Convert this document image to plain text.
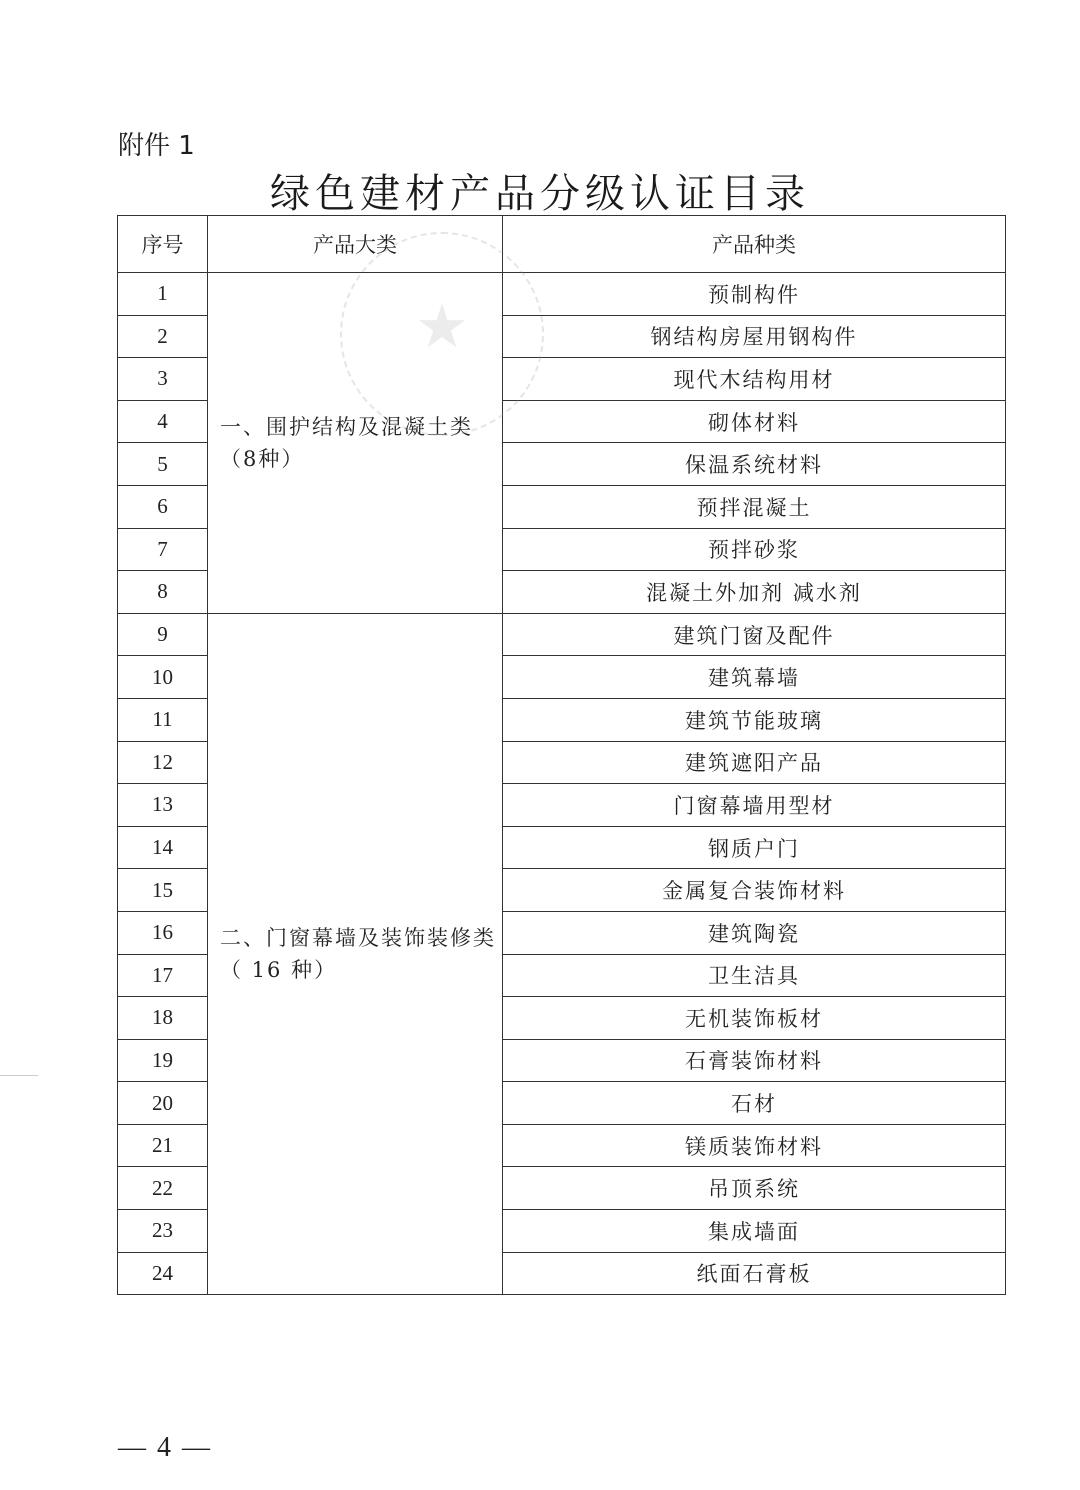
附件 1
绿色建材产品分级认证目录
序号	产品大类	产品种类
1	一、围护结构及混凝土类（8种）	预制构件
2		钢结构房屋用钢构件
3		现代木结构用材
4		砌体材料
5		保温系统材料
6		预拌混凝土
7		预拌砂浆
8		混凝土外加剂 减水剂
9	二、门窗幕墙及装饰装修类（ 16 种）	建筑门窗及配件
10		建筑幕墙
11		建筑节能玻璃
12		建筑遮阳产品
13		门窗幕墙用型材
14		钢质户门
15		金属复合装饰材料
16		建筑陶瓷
17		卫生洁具
18		无机装饰板材
19		石膏装饰材料
20		石材
21		镁质装饰材料
22		吊顶系统
23		集成墙面
24		纸面石膏板
★
— 4 —
